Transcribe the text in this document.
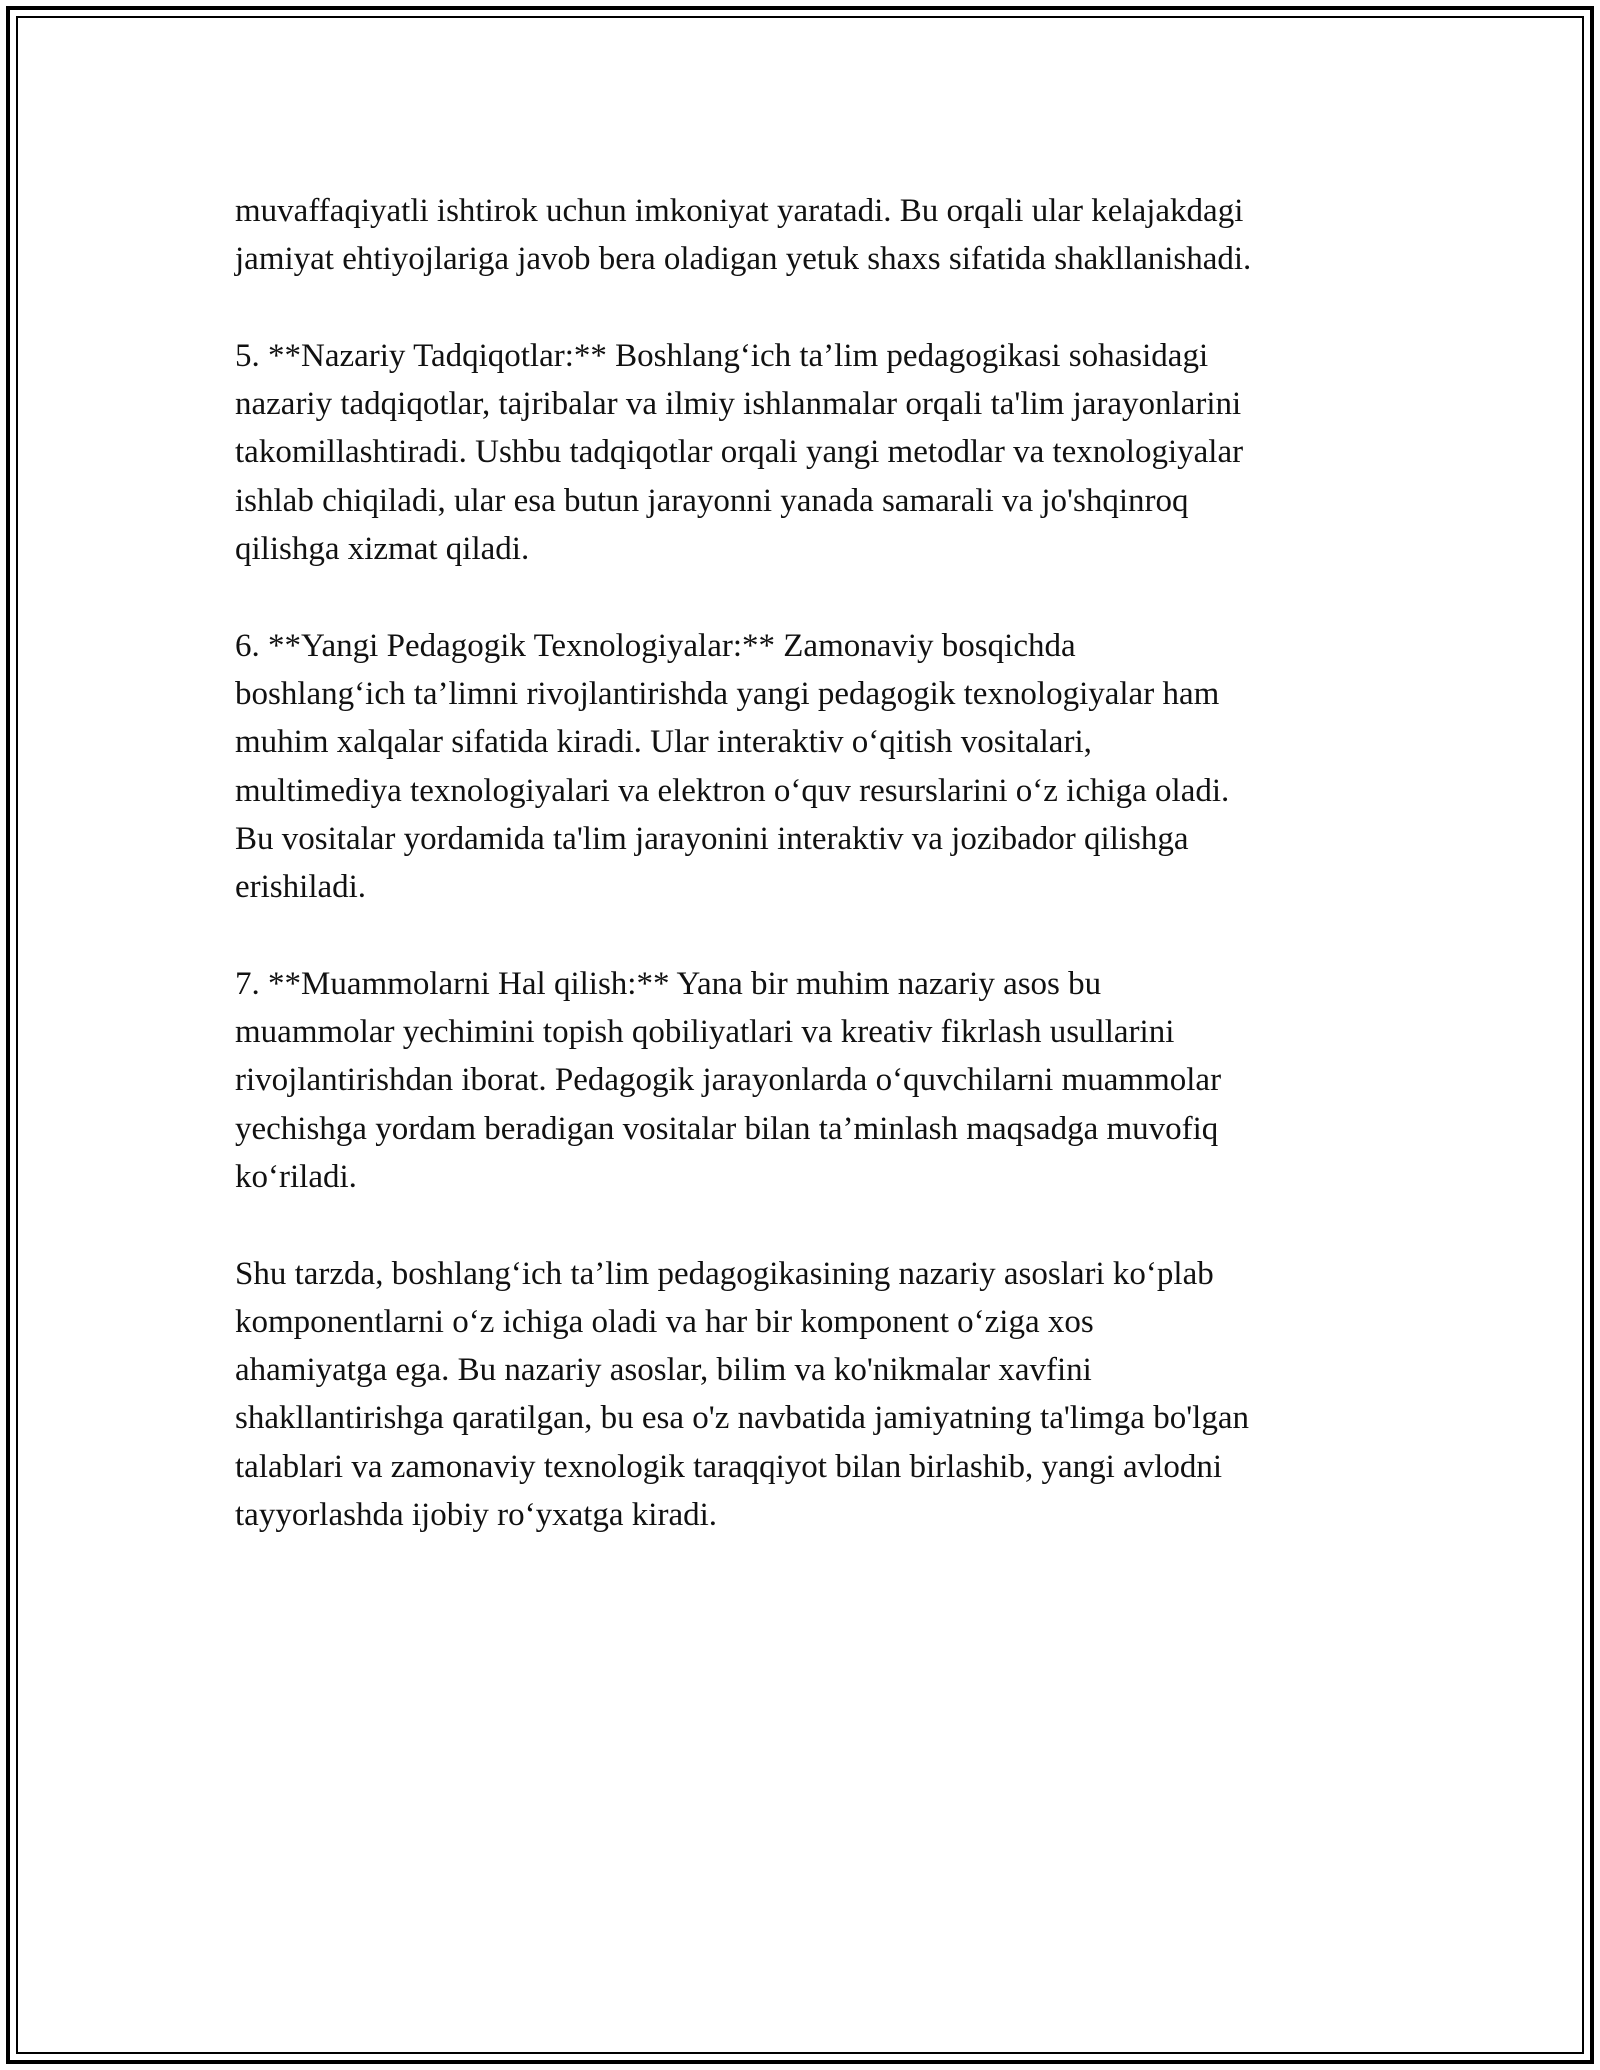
muvaffaqiyatli ishtirok uchun imkoniyat yaratadi. Bu orqali ular kelajakdagi
jamiyat ehtiyojlariga javob bera oladigan yetuk shaxs sifatida shakllanishadi.

5. **Nazariy Tadqiqotlar:** Boshlang‘ich ta’lim pedagogikasi sohasidagi
nazariy tadqiqotlar, tajribalar va ilmiy ishlanmalar orqali ta'lim jarayonlarini
takomillashtiradi. Ushbu tadqiqotlar orqali yangi metodlar va texnologiyalar
ishlab chiqiladi, ular esa butun jarayonni yanada samarali va jo'shqinroq
qilishga xizmat qiladi.

6. **Yangi Pedagogik Texnologiyalar:** Zamonaviy bosqichda
boshlang‘ich ta’limni rivojlantirishda yangi pedagogik texnologiyalar ham
muhim xalqalar sifatida kiradi. Ular interaktiv o‘qitish vositalari,
multimediya texnologiyalari va elektron o‘quv resurslarini o‘z ichiga oladi.
Bu vositalar yordamida ta'lim jarayonini interaktiv va jozibador qilishga
erishiladi.

7. **Muammolarni Hal qilish:** Yana bir muhim nazariy asos bu
muammolar yechimini topish qobiliyatlari va kreativ fikrlash usullarini
rivojlantirishdan iborat. Pedagogik jarayonlarda o‘quvchilarni muammolar
yechishga yordam beradigan vositalar bilan ta’minlash maqsadga muvofiq
ko‘riladi.

Shu tarzda, boshlang‘ich ta’lim pedagogikasining nazariy asoslari ko‘plab
komponentlarni o‘z ichiga oladi va har bir komponent o‘ziga xos
ahamiyatga ega. Bu nazariy asoslar, bilim va ko'nikmalar xavfini
shakllantirishga qaratilgan, bu esa o'z navbatida jamiyatning ta'limga bo'lgan
talablari va zamonaviy texnologik taraqqiyot bilan birlashib, yangi avlodni
tayyorlashda ijobiy ro‘yxatga kiradi.
